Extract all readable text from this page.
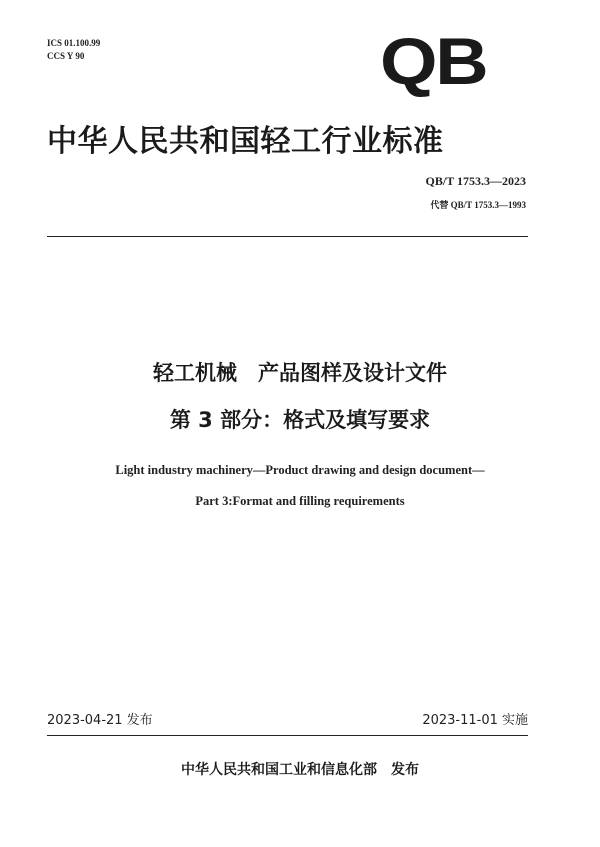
ICS 01.100.99
CCS Y 90	QB
中华人民共和国轻工行业标准
QB/T 1753.3—2023
代替 QB/T 1753.3—1993
轻工机械　产品图样及设计文件
第 3 部分：格式及填写要求
Light industry machinery—Product drawing and design document—
Part 3:Format and filling requirements
2023-04-21 发布	2023-11-01 实施
中华人民共和国工业和信息化部　发布
